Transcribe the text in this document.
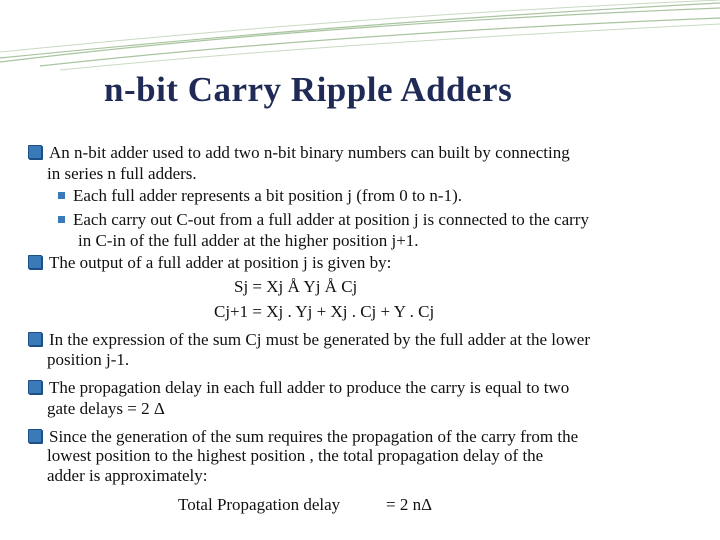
n-bit Carry Ripple Adders
An n-bit adder used to add two n-bit binary numbers can built by connecting
in series n full adders.
Each full adder represents a bit position j (from 0 to n-1).
Each carry out C-out from a full adder at position j is connected to the carry
in C-in of the full adder at the higher position j+1.
The output of a full adder at position j is given by:
Sj = Xj Å Yj Å Cj
Cj+1 = Xj . Yj + Xj . Cj + Y . Cj
In the expression of the sum Cj must be generated by the full adder at the lower
position j-1.
The propagation delay in each full adder to produce the carry is equal to two
gate delays = 2 Δ
Since the generation of the sum requires the propagation of the carry from the
lowest position to the highest position , the total propagation delay of the
adder is approximately:
Total Propagation delay	= 2 nΔ
